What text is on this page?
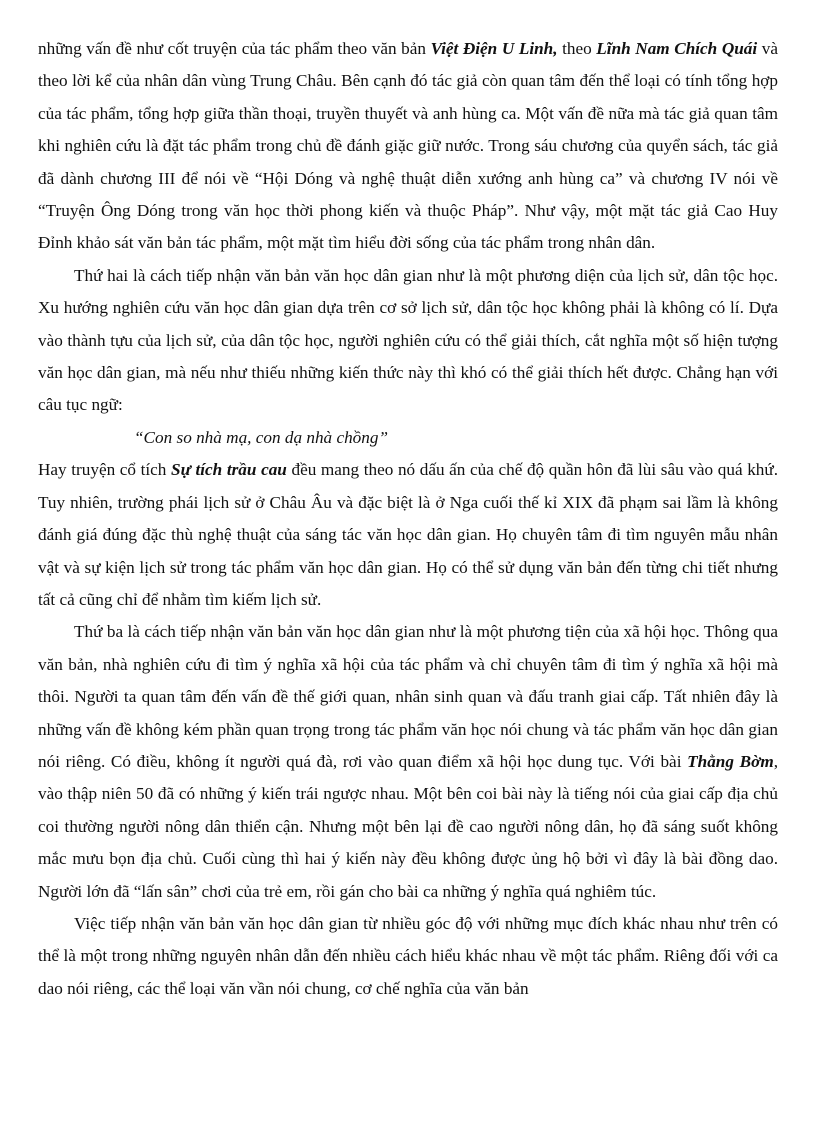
những vấn đề như cốt truyện của tác phẩm theo văn bản Việt Điện U Linh, theo Lĩnh Nam Chích Quái và theo lời kể của nhân dân vùng Trung Châu. Bên cạnh đó tác giả còn quan tâm đến thể loại có tính tổng hợp của tác phẩm, tổng hợp giữa thần thoại, truyền thuyết và anh hùng ca. Một vấn đề nữa mà tác giả quan tâm khi nghiên cứu là đặt tác phẩm trong chủ đề đánh giặc giữ nước. Trong sáu chương của quyển sách, tác giả đã dành chương III để nói về “Hội Dóng và nghệ thuật diễn xướng anh hùng ca” và chương IV nói về “Truyện Ông Dóng trong văn học thời phong kiến và thuộc Pháp”. Như vậy, một mặt tác giả Cao Huy Đỉnh khảo sát văn bản tác phẩm, một mặt tìm hiểu đời sống của tác phẩm trong nhân dân.

Thứ hai là cách tiếp nhận văn bản văn học dân gian như là một phương diện của lịch sử, dân tộc học. Xu hướng nghiên cứu văn học dân gian dựa trên cơ sở lịch sử, dân tộc học không phải là không có lí. Dựa vào thành tựu của lịch sử, của dân tộc học, người nghiên cứu có thể giải thích, cắt nghĩa một số hiện tượng văn học dân gian, mà nếu như thiếu những kiến thức này thì khó có thể giải thích hết được. Chẳng hạn với câu tục ngữ:

“Con so nhà mạ, con dạ nhà chồng”

Hay truyện cổ tích Sự tích trầu cau đều mang theo nó dấu ấn của chế độ quần hôn đã lùi sâu vào quá khứ. Tuy nhiên, trường phái lịch sử ở Châu Âu và đặc biệt là ở Nga cuối thế kỉ XIX đã phạm sai lầm là không đánh giá đúng đặc thù nghệ thuật của sáng tác văn học dân gian. Họ chuyên tâm đi tìm nguyên mẫu nhân vật và sự kiện lịch sử trong tác phẩm văn học dân gian. Họ có thể sử dụng văn bản đến từng chi tiết nhưng tất cả cũng chỉ để nhằm tìm kiếm lịch sử.

Thứ ba là cách tiếp nhận văn bản văn học dân gian như là một phương tiện của xã hội học. Thông qua văn bản, nhà nghiên cứu đi tìm ý nghĩa xã hội của tác phẩm và chỉ chuyên tâm đi tìm ý nghĩa xã hội mà thôi. Người ta quan tâm đến vấn đề thế giới quan, nhân sinh quan và đấu tranh giai cấp. Tất nhiên đây là những vấn đề không kém phần quan trọng trong tác phẩm văn học nói chung và tác phẩm văn học dân gian nói riêng. Có điều, không ít người quá đà, rơi vào quan điểm xã hội học dung tục. Với bài Thằng Bờm, vào thập niên 50 đã có những ý kiến trái ngược nhau. Một bên coi bài này là tiếng nói của giai cấp địa chủ coi thường người nông dân thiển cận. Nhưng một bên lại đề cao người nông dân, họ đã sáng suốt không mắc mưu bọn địa chủ. Cuối cùng thì hai ý kiến này đều không được ủng hộ bởi vì đây là bài đồng dao. Người lớn đã “lấn sân” chơi của trẻ em, rồi gán cho bài ca những ý nghĩa quá nghiêm túc.

Việc tiếp nhận văn bản văn học dân gian từ nhiều góc độ với những mục đích khác nhau như trên có thể là một trong những nguyên nhân dẫn đến nhiều cách hiểu khác nhau về một tác phẩm. Riêng đối với ca dao nói riêng, các thể loại văn vần nói chung, cơ chế nghĩa của văn bản
